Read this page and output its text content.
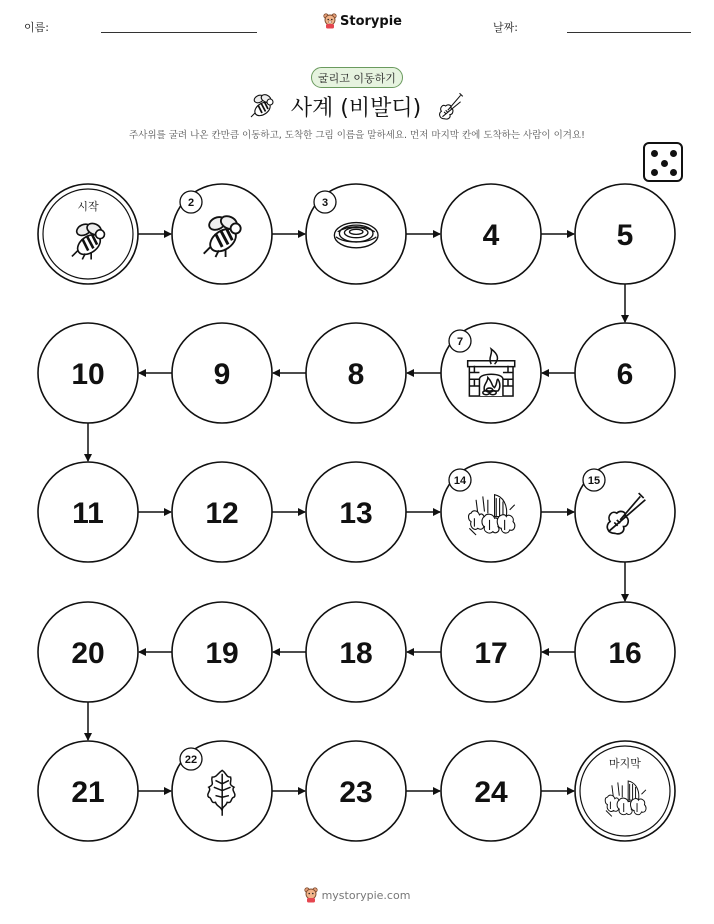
이름:	Storypie	날짜:
굴리고 이동하기
사계 (비발디)
주사위를 굴려 나온 칸만큼 이동하고, 도착한 그림 이름을 말하세요. 먼저 마지막 칸에 도착하는 사람이 이겨요!
시작	2	3
4	5
6
7
8
9
10
11	12	13
14	15
16
17
18
19
20
21
22
23	24
마지막
mystorypie.com
